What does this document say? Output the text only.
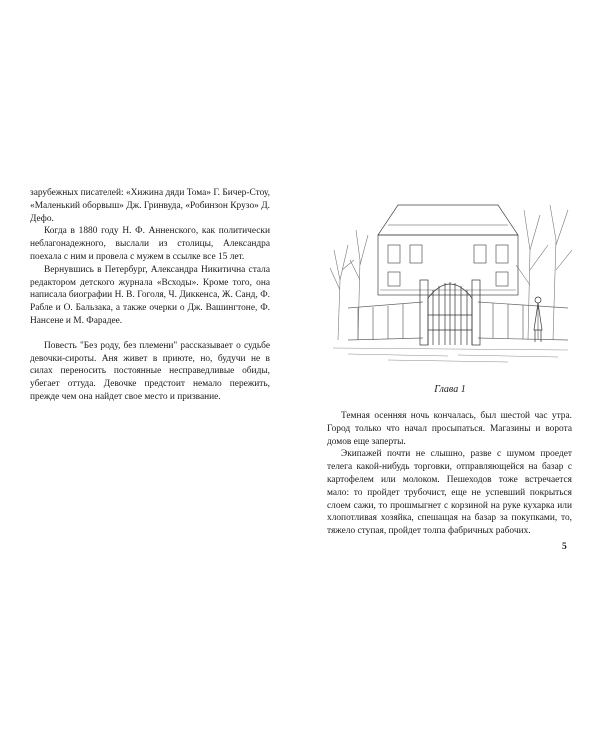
зарубежных писателей: «Хижина дяди Тома» Г. Бичер-Стоу, «Маленький оборвыш» Дж. Гринвуда, «Робинзон Крузо» Д. Дефо.

Когда в 1880 году Н. Ф. Анненского, как политически неблагонадежного, выслали из столицы, Александра поехала с ним и провела с мужем в ссылке все 15 лет.

Вернувшись в Петербург, Александра Никитична стала редактором детского журнала «Всходы». Кроме того, она написала биографии Н. В. Гоголя, Ч. Диккенса, Ж. Санд, Ф. Рабле и О. Бальзака, а также очерки о Дж. Вашингтоне, Ф. Нансене и М. Фарадее.

Повесть "Без роду, без племени" рассказывает о судьбе девочки-сироты. Аня живет в приюте, но, будучи не в силах переносить постоянные несправедливые обиды, убегает оттуда. Девочке предстоит немало пережить, прежде чем она найдет свое место и призвание.

Глава 1

Темная осенняя ночь кончалась, был шестой час утра. Город только что начал просыпаться. Магазины и ворота домов еще заперты.

Экипажей почти не слышно, разве с шумом проедет телега какой-нибудь торговки, отправляющейся на базар с картофелем или молоком. Пешеходов тоже встречается мало: то пройдет трубочист, еще не успевший покрыться слоем сажи, то прошмыгнет с корзиной на руке кухарка или хлопотливая хозяйка, спешащая на базар за покупками, то, тяжело ступая, пройдет толпа фабричных рабочих.

5
